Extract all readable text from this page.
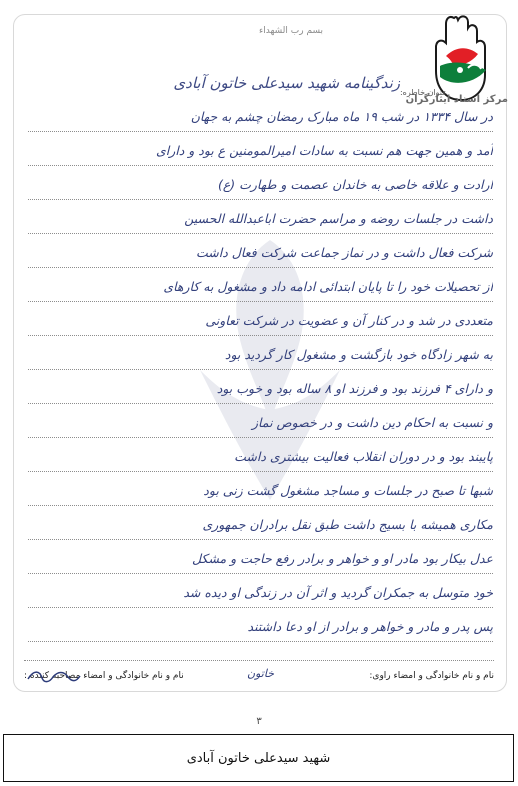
بسم رب الشهداء
عنوان خاطره:
مرکز اسناد ایثارگران
زندگینامه شهید سیدعلی خاتون آبادی
در سال ۱۳۳۴ در شب ۱۹ ماه مبارک رمضان چشم به جهان
آمد و همین جهت هم نسبت به سادات امیرالمومنین ع بود و دارای
ارادت و علاقه خاصی به خاندان عصمت و طهارت (ع)
داشت در جلسات روضه و مراسم حضرت اباعبدالله الحسین
شرکت فعال داشت و در نماز جماعت شرکت فعال داشت
از تحصیلات خود را تا پایان ابتدائی ادامه داد و مشغول به کارهای
متعددی در شد و در کنار آن و عضویت در شرکت تعاونی
به شهر زادگاه خود بازگشت و مشغول کار گردید بود
و دارای ۴ فرزند بود و فرزند او ۸ ساله بود و خوب بود
و نسبت به احکام دین داشت و در خصوص نماز
پایبند بود و در دوران انقلاب فعالیت بیشتری داشت
شبها تا صبح در جلسات و مساجد مشغول گشت زنی بود
مکاری همیشه با بسیج داشت طبق نقل برادران جمهوری
عدل بیکار بود مادر او و خواهر و برادر رفع حاجت و مشکل
خود متوسل به جمکران گردید و اثر آن در زندگی او دیده شد
پس پدر و مادر و خواهر و برادر از او دعا داشتند
نام و نام خانوادگی و امضاء مصاحبه کننده :	نام و نام خانوادگی و امضاء راوی:
خاتون
۳
شهید سیدعلی خاتون آبادی
